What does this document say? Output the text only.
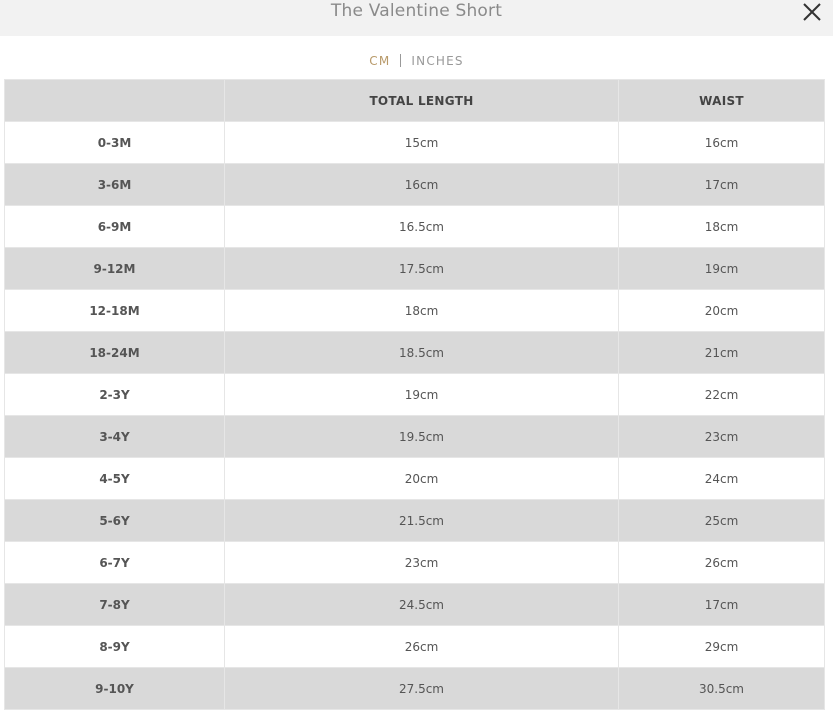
The Valentine Short
CM INCHES
	TOTAL LENGTH	WAIST
0-3M	15cm	16cm
3-6M	16cm	17cm
6-9M	16.5cm	18cm
9-12M	17.5cm	19cm
12-18M	18cm	20cm
18-24M	18.5cm	21cm
2-3Y	19cm	22cm
3-4Y	19.5cm	23cm
4-5Y	20cm	24cm
5-6Y	21.5cm	25cm
6-7Y	23cm	26cm
7-8Y	24.5cm	17cm
8-9Y	26cm	29cm
9-10Y	27.5cm	30.5cm
